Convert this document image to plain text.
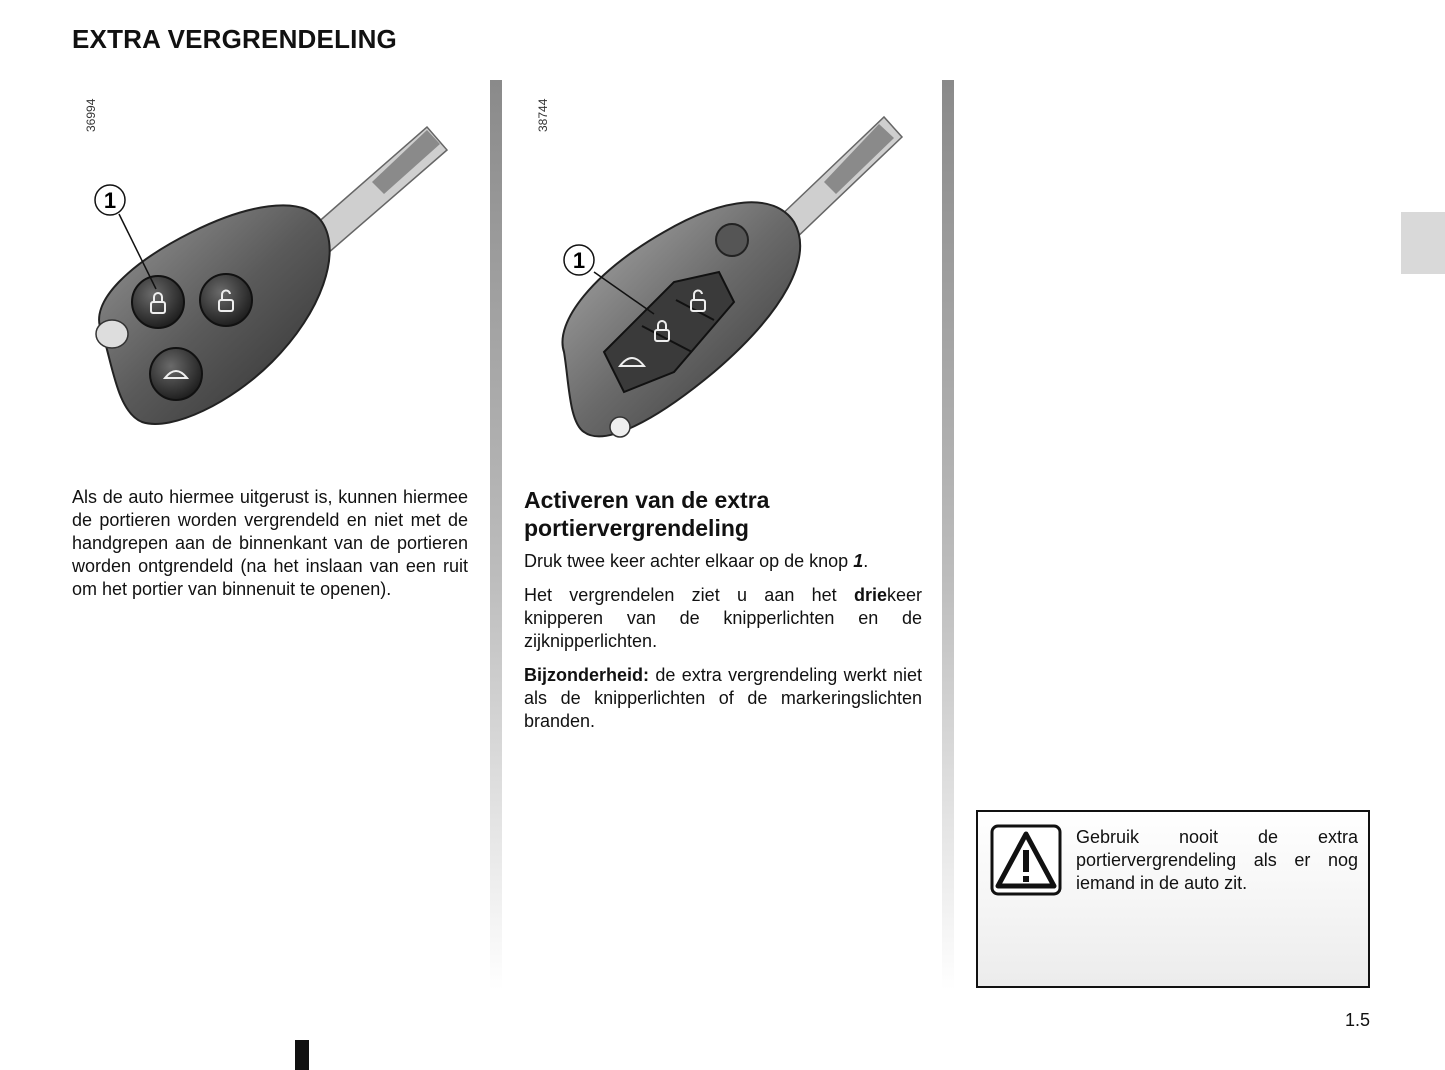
EXTRA VERGRENDELING
36994
1
38744
1

Als de auto hiermee uitgerust is, kunnen hiermee de portieren worden vergrendeld en niet met de handgrepen aan de binnenkant van de portieren worden ontgrendeld (na het inslaan van een ruit om het portier van binnenuit te openen).

Activeren van de extra portiervergrendeling

Druk twee keer achter elkaar op de knop 1.

Het vergrendelen ziet u aan het driekeer knipperen van de knipperlichten en de zijknipperlichten.

Bijzonderheid: de extra vergrendeling werkt niet als de knipperlichten of de markeringslichten branden.

Gebruik nooit de extra portiervergrendeling als er nog iemand in de auto zit.

1.5
